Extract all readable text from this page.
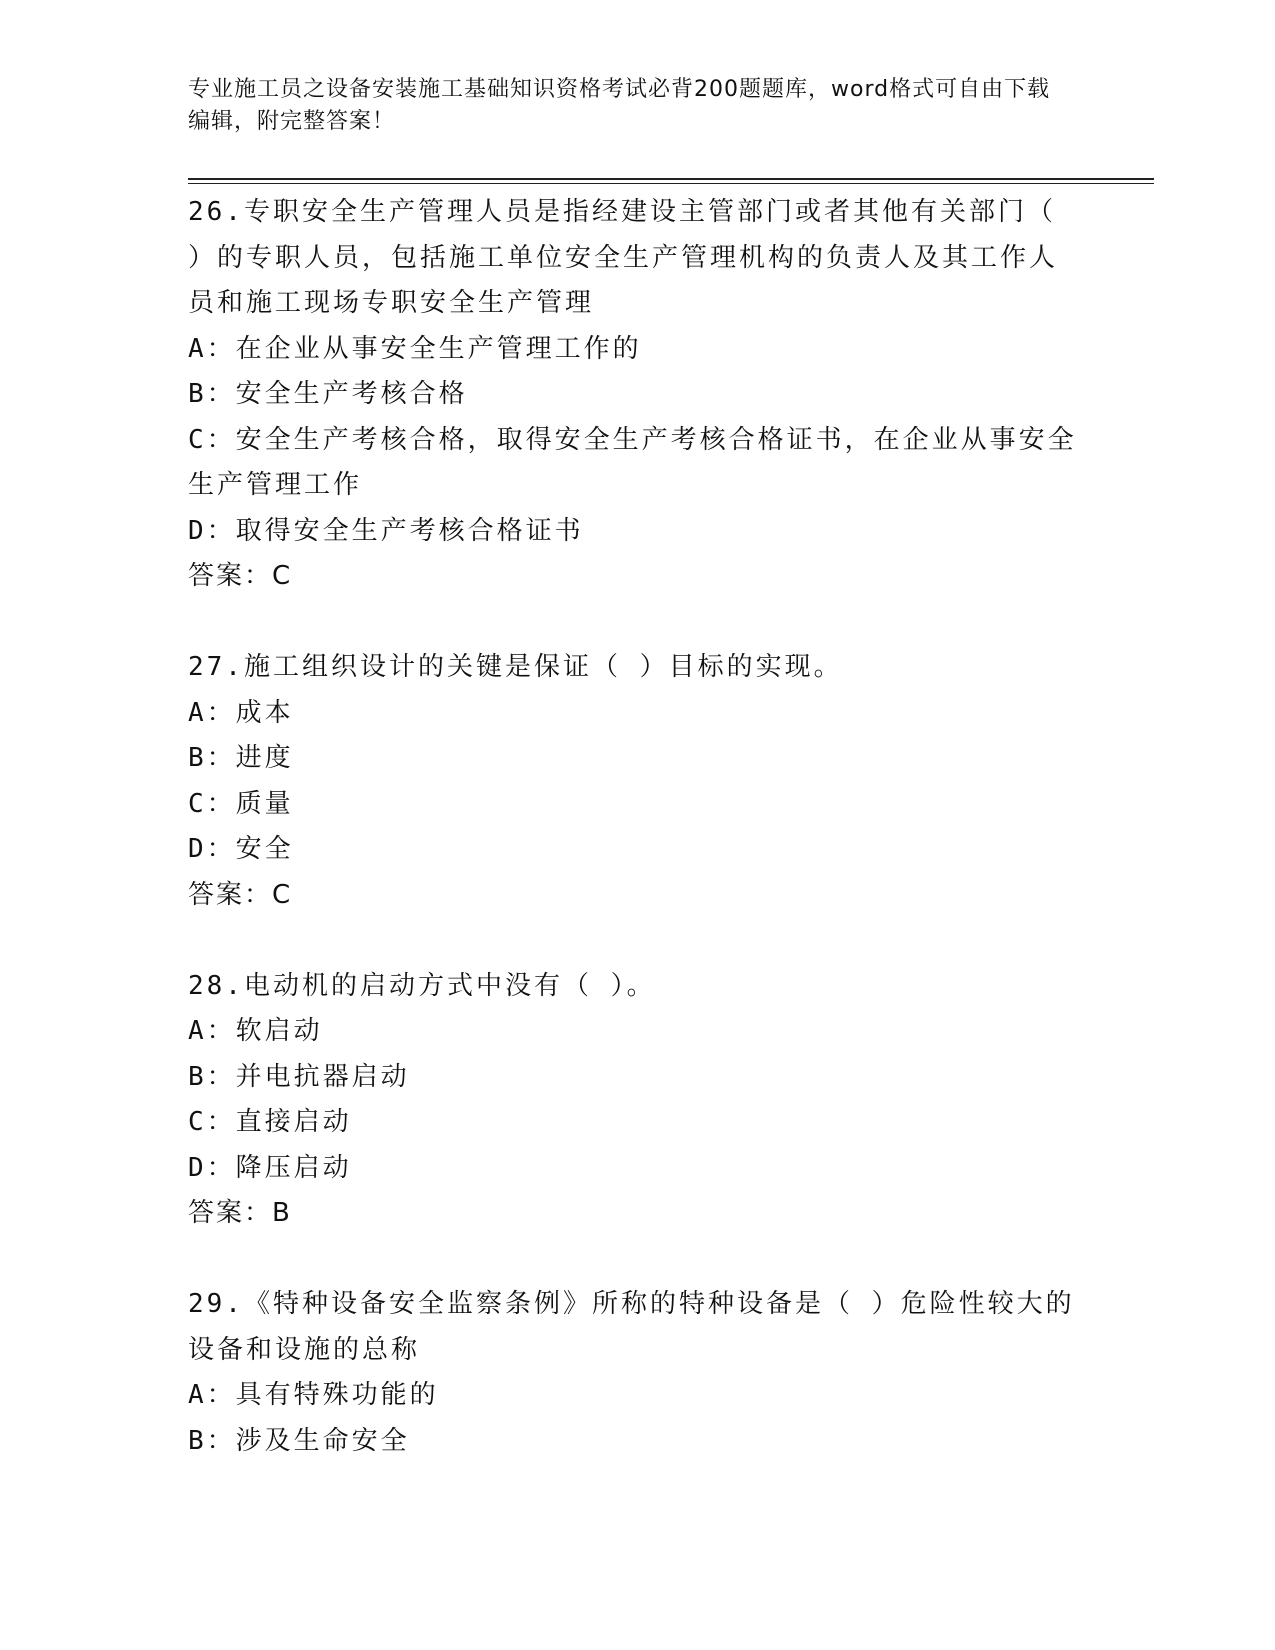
专业施工员之设备安装施工基础知识资格考试必背200题题库，word格式可自由下载编辑，附完整答案！
26.专职安全生产管理人员是指经建设主管部门或者其他有关部门（
）的专职人员，包括施工单位安全生产管理机构的负责人及其工作人
员和施工现场专职安全生产管理
A：在企业从事安全生产管理工作的
B：安全生产考核合格
C：安全生产考核合格，取得安全生产考核合格证书，在企业从事安全
生产管理工作
D：取得安全生产考核合格证书
答案：C
27.施工组织设计的关键是保证（ ）目标的实现。
A：成本
B：进度
C：质量
D：安全
答案：C
28.电动机的启动方式中没有（ ）。
A：软启动
B：并电抗器启动
C：直接启动
D：降压启动
答案：B
29.《特种设备安全监察条例》所称的特种设备是（ ）危险性较大的
设备和设施的总称
A：具有特殊功能的
B：涉及生命安全
